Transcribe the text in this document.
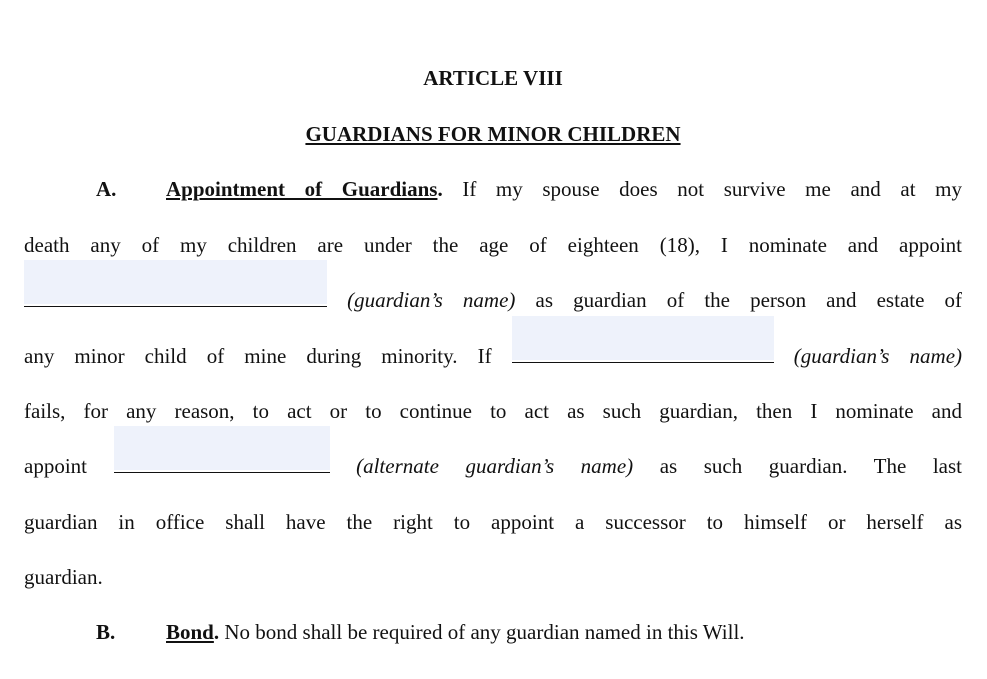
ARTICLE VIII
GUARDIANS FOR MINOR CHILDREN
A. Appointment of Guardians. If my spouse does not survive me and at my
death any of my children are under the age of eighteen (18), I nominate and appoint
(guardian’s name) as guardian of the person and estate of
any minor child of mine during minority. If	(guardian’s name)
fails, for any reason, to act or to continue to act as such guardian, then I nominate and
appoint	(alternate guardian’s name) as such guardian. The last
guardian in office shall have the right to appoint a successor to himself or herself as
guardian.
B. Bond. No bond shall be required of any guardian named in this Will.
